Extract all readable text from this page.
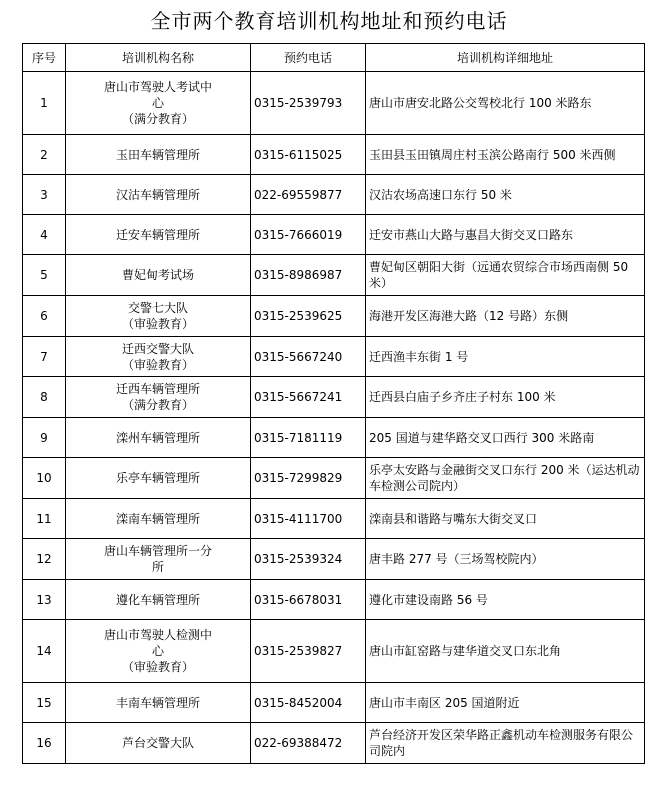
全市两个教育培训机构地址和预约电话
序号	培训机构名称	预约电话	培训机构详细地址
1	唐山市驾驶人考试中
心
（满分教育）	0315-2539793	唐山市唐安北路公交驾校北行 100 米路东
2	玉田车辆管理所	0315-6115025	玉田县玉田镇周庄村玉滨公路南行 500 米西侧
3	汉沽车辆管理所	022-69559877	汉沽农场高速口东行 50 米
4	迁安车辆管理所	0315-7666019	迁安市燕山大路与惠昌大街交叉口路东
5	曹妃甸考试场	0315-8986987	曹妃甸区朝阳大街（远通农贸综合市场西南侧 50 米）
6	交警七大队
（审验教育）	0315-2539625	海港开发区海港大路（12 号路）东侧
7	迁西交警大队
（审验教育）	0315-5667240	迁西渔丰东街 1 号
8	迁西车辆管理所
（满分教育）	0315-5667241	迁西县白庙子乡齐庄子村东 100 米
9	滦州车辆管理所	0315-7181119	205 国道与建华路交叉口西行 300 米路南
10	乐亭车辆管理所	0315-7299829	乐亭太安路与金融街交叉口东行 200 米（运达机动车检测公司院内）
11	滦南车辆管理所	0315-4111700	滦南县和谐路与嘴东大街交叉口
12	唐山车辆管理所一分
所	0315-2539324	唐丰路 277 号（三场驾校院内）
13	遵化车辆管理所	0315-6678031	遵化市建设南路 56 号
14	唐山市驾驶人检测中
心
（审验教育）	0315-2539827	唐山市缸窑路与建华道交叉口东北角
15	丰南车辆管理所	0315-8452004	唐山市丰南区 205 国道附近
16	芦台交警大队	022-69388472	芦台经济开发区荣华路正鑫机动车检测服务有限公司院内
